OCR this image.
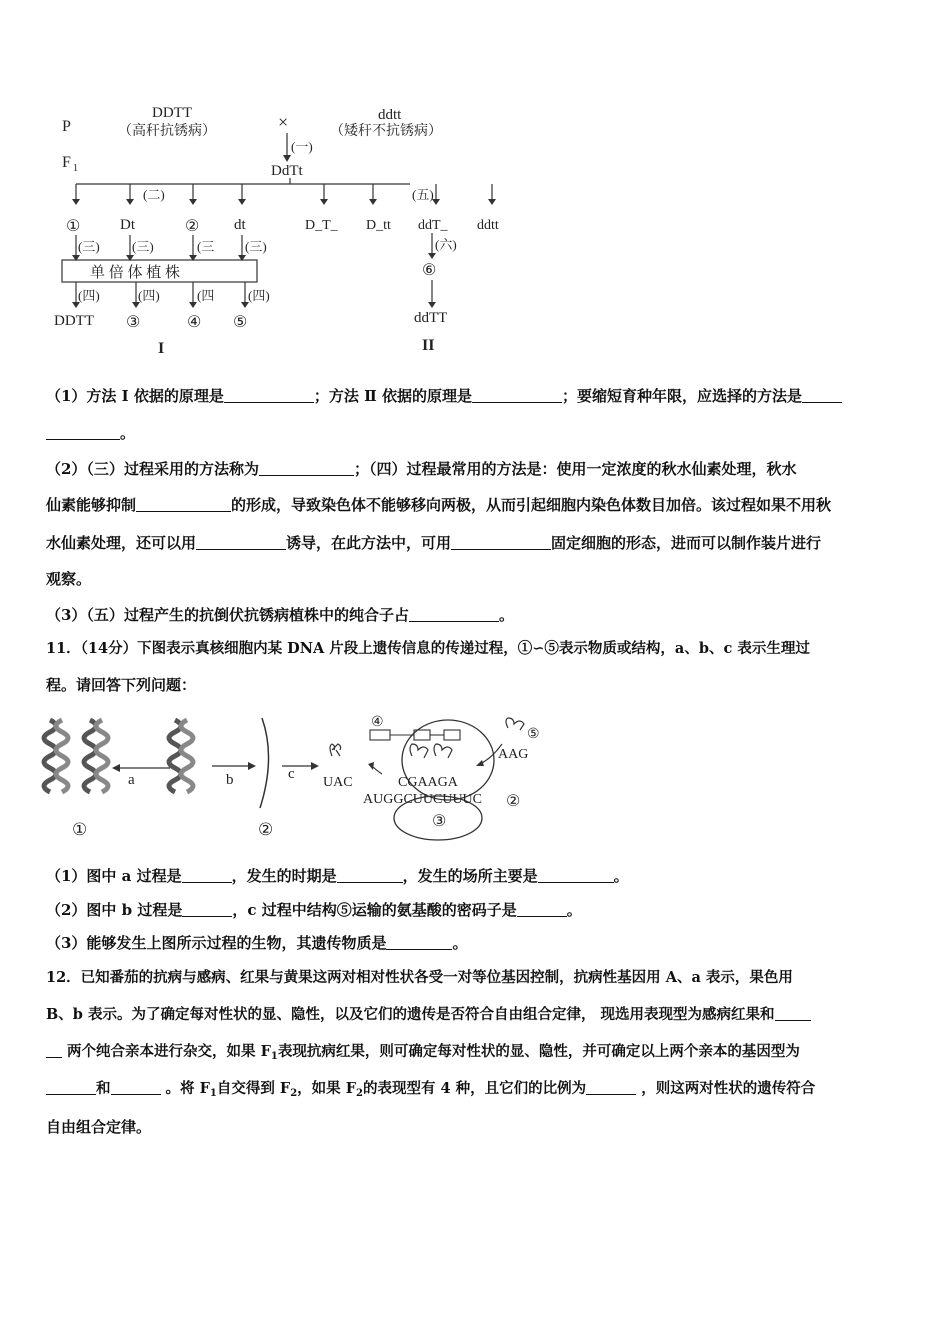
P
F 1
DDTT
（高秆抗锈病）
ddtt
（矮秆不抗锈病）
×
(一)
DdTt
(二)	(五)
①	Dt	② dt	D_T_ D_tt ddT_ ddtt
(三) (三)	(三 (三)
单 倍 体 植 株
(四)	(四)	(四	(四)
DDTT ③	④ ⑤
I
(六)
⑥
ddTT
II
（1）方法 Ⅰ 依据的原理是	；方法 Ⅱ 依据的原理是	；要缩短育种年限，应选择的方法是
。
（2）（三）过程采用的方法称为	；（四）过程最常用的方法是：使用一定浓度的秋水仙素处理，秋水
仙素能够抑制	的形成，导致染色体不能够移向两极，从而引起细胞内染色体数目加倍。该过程如果不用秋
水仙素处理，还可以用	诱导，在此方法中，可用	固定细胞的形态，进而可以制作装片进行
观察。
（3）（五）过程产生的抗倒伏抗锈病植株中的纯合子占	。
11．（14分）下图表示真核细胞内某 DNA 片段上遗传信息的传递过程，①∽⑤表示物质或结构，a、b、c 表示生理过
程。请回答下列问题：
a	b	c
①	②
UAC
③
④
CGAAGA
AUGGCUUCUUUC ②
AAG
⑤
（1）图中 a 过程是	，发生的时期是	，发生的场所主要是	。
（2）图中 b 过程是	，c 过程中结构⑤运输的氨基酸的密码子是	。
（3）能够发生上图所示过程的生物，其遗传物质是	。
12．已知番茄的抗病与感病、红果与黄果这两对相对性状各受一对等位基因控制，抗病性基因用 A、a 表示，果色用
B、b 表示。为了确定每对性状的显、隐性，以及它们的遗传是否符合自由组合定律， 现选用表现型为感病红果和
两个纯合亲本进行杂交，如果 $F_1$表现抗病红果，则可确定每对性状的显、隐性，并可确定以上两个亲本的基因型为
和	。将 $F_1$自交得到 $F_2$，如果 $F_2$的表现型有 4 种，且它们的比例为	，则这两对性状的遗传符合
自由组合定律。
